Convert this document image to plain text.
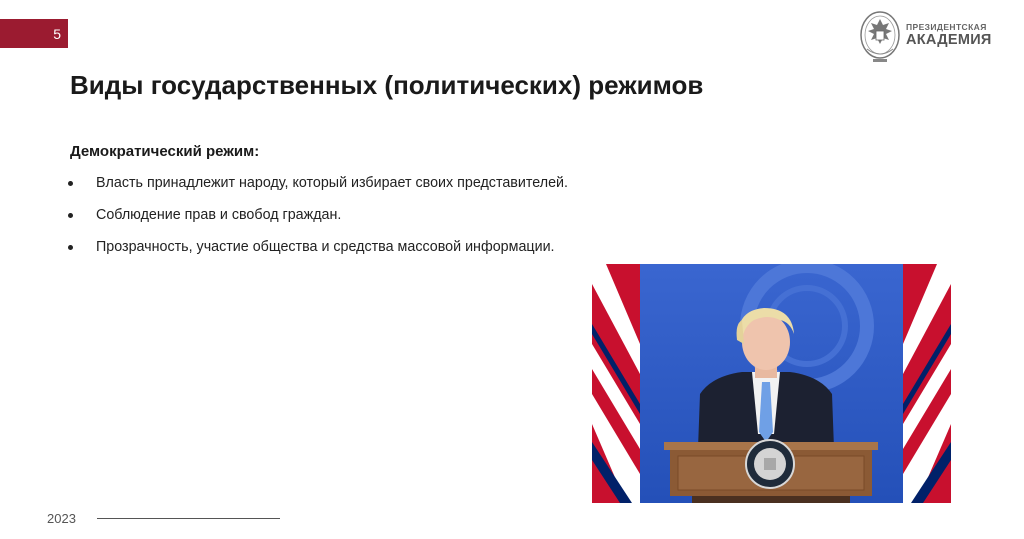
5	ПРЕЗИДЕНТСКАЯ
АКАДЕМИЯ
Виды государственных (политических) режимов
Демократический режим:
Власть принадлежит народу, который избирает своих представителей.
Соблюдение прав и свобод граждан.
Прозрачность, участие общества и средства массовой информации.
2023
